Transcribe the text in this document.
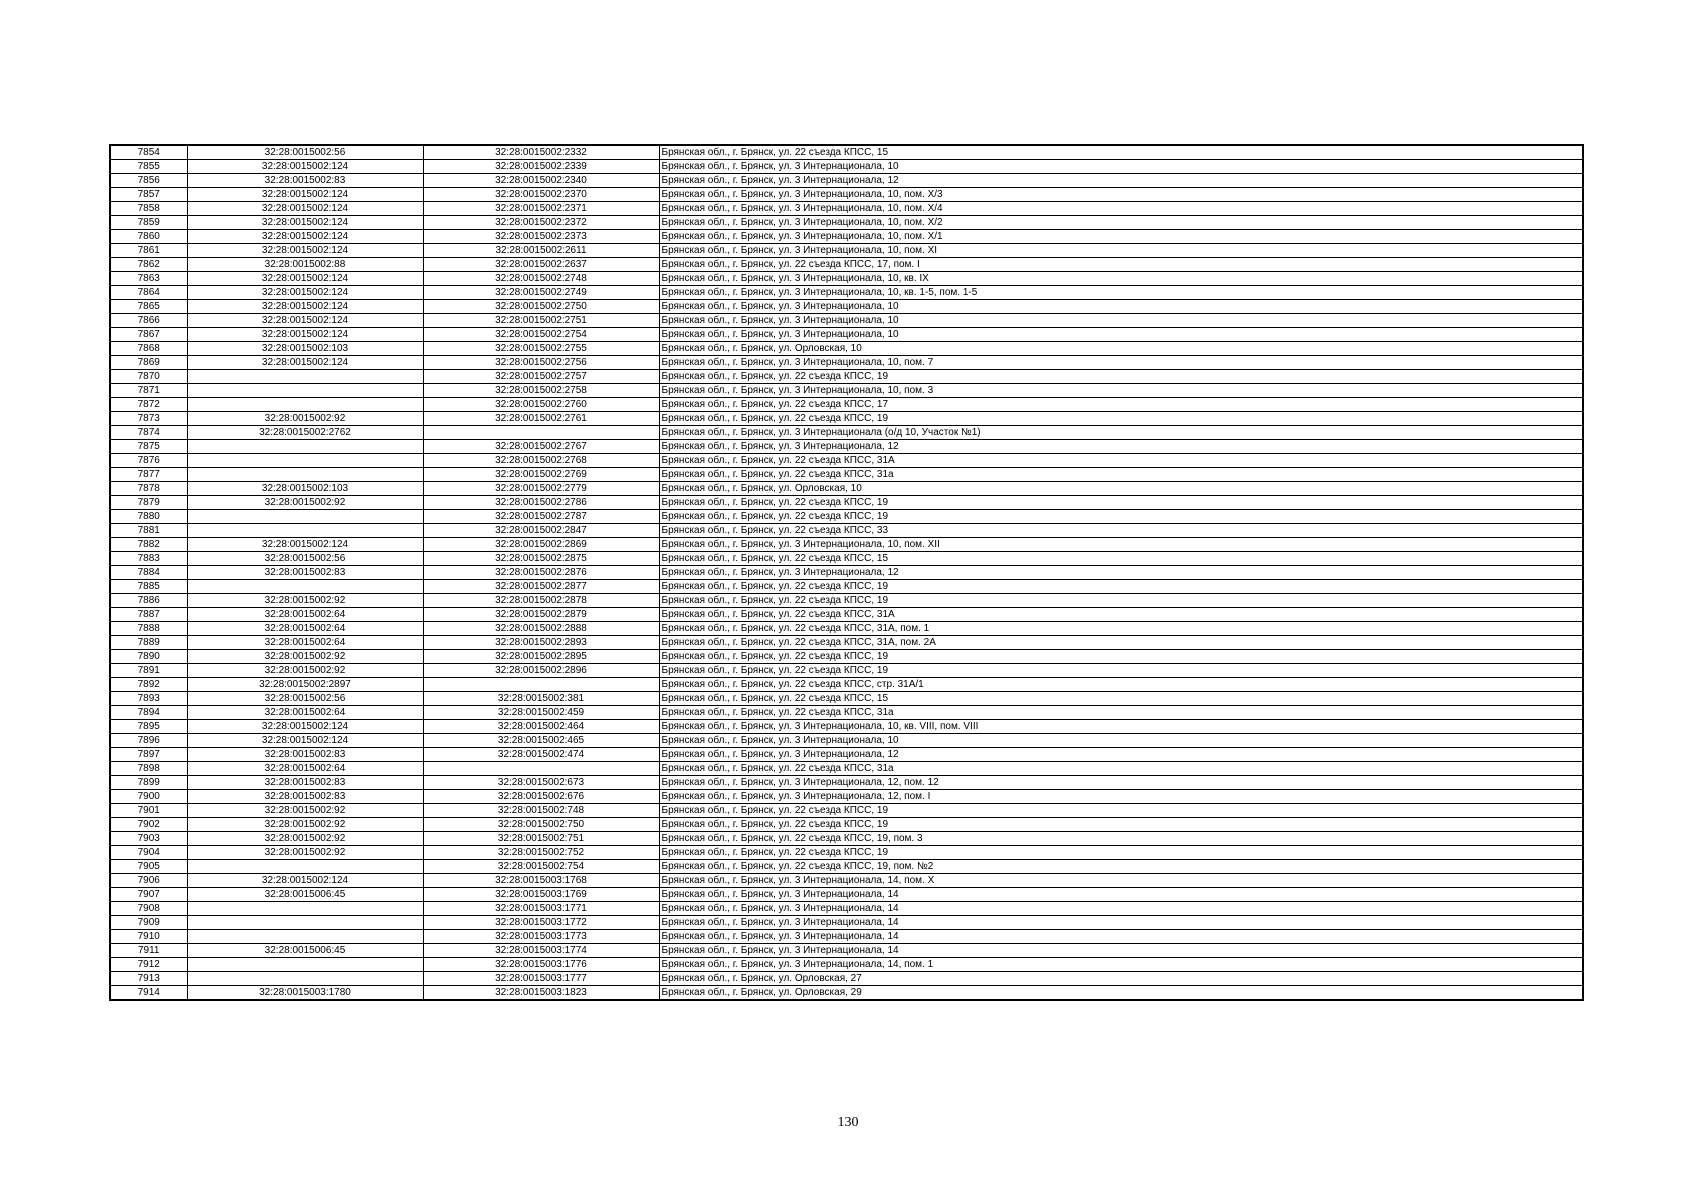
7854	32:28:0015002:56	32:28:0015002:2332	Брянская обл., г. Брянск, ул. 22 съезда КПСС, 15
7855	32:28:0015002:124	32:28:0015002:2339	Брянская обл., г. Брянск, ул. 3 Интернационала, 10
7856	32:28:0015002:83	32:28:0015002:2340	Брянская обл., г. Брянск, ул. 3 Интернационала, 12
7857	32:28:0015002:124	32:28:0015002:2370	Брянская обл., г. Брянск, ул. 3 Интернационала, 10, пом. X/3
7858	32:28:0015002:124	32:28:0015002:2371	Брянская обл., г. Брянск, ул. 3 Интернационала, 10, пом. X/4
7859	32:28:0015002:124	32:28:0015002:2372	Брянская обл., г. Брянск, ул. 3 Интернационала, 10, пом. X/2
7860	32:28:0015002:124	32:28:0015002:2373	Брянская обл., г. Брянск, ул. 3 Интернационала, 10, пом. X/1
7861	32:28:0015002:124	32:28:0015002:2611	Брянская обл., г. Брянск, ул. 3 Интернационала, 10, пом. XI
7862	32:28:0015002:88	32:28:0015002:2637	Брянская обл., г. Брянск, ул. 22 съезда КПСС, 17, пом. I
7863	32:28:0015002:124	32:28:0015002:2748	Брянская обл., г. Брянск, ул. 3 Интернационала, 10, кв. IX
7864	32:28:0015002:124	32:28:0015002:2749	Брянская обл., г. Брянск, ул. 3 Интернационала, 10, кв. 1-5, пом. 1-5
7865	32:28:0015002:124	32:28:0015002:2750	Брянская обл., г. Брянск, ул. 3 Интернационала, 10
7866	32:28:0015002:124	32:28:0015002:2751	Брянская обл., г. Брянск, ул. 3 Интернационала, 10
7867	32:28:0015002:124	32:28:0015002:2754	Брянская обл., г. Брянск, ул. 3 Интернационала, 10
7868	32:28:0015002:103	32:28:0015002:2755	Брянская обл., г. Брянск, ул. Орловская, 10
7869	32:28:0015002:124	32:28:0015002:2756	Брянская обл., г. Брянск, ул. 3 Интернационала, 10, пом. 7
7870		32:28:0015002:2757	Брянская обл., г. Брянск, ул. 22 съезда КПСС, 19
7871		32:28:0015002:2758	Брянская обл., г. Брянск, ул. 3 Интернационала, 10, пом. 3
7872		32:28:0015002:2760	Брянская обл., г. Брянск, ул. 22 съезда КПСС, 17
7873	32:28:0015002:92	32:28:0015002:2761	Брянская обл., г. Брянск, ул. 22 съезда КПСС, 19
7874	32:28:0015002:2762		Брянская обл., г. Брянск, ул. 3 Интернационала (о/д 10, Участок №1)
7875		32:28:0015002:2767	Брянская обл., г. Брянск, ул. 3 Интернационала, 12
7876		32:28:0015002:2768	Брянская обл., г. Брянск, ул. 22 съезда КПСС, 31А
7877		32:28:0015002:2769	Брянская обл., г. Брянск, ул. 22 съезда КПСС, 31а
7878	32:28:0015002:103	32:28:0015002:2779	Брянская обл., г. Брянск, ул. Орловская, 10
7879	32:28:0015002:92	32:28:0015002:2786	Брянская обл., г. Брянск, ул. 22 съезда КПСС, 19
7880		32:28:0015002:2787	Брянская обл., г. Брянск, ул. 22 съезда КПСС, 19
7881		32:28:0015002:2847	Брянская обл., г. Брянск, ул. 22 съезда КПСС, 33
7882	32:28:0015002:124	32:28:0015002:2869	Брянская обл., г. Брянск, ул. 3 Интернационала, 10, пом. XII
7883	32:28:0015002:56	32:28:0015002:2875	Брянская обл., г. Брянск, ул. 22 съезда КПСС, 15
7884	32:28:0015002:83	32:28:0015002:2876	Брянская обл., г. Брянск, ул. 3 Интернационала, 12
7885		32:28:0015002:2877	Брянская обл., г. Брянск, ул. 22 съезда КПСС, 19
7886	32:28:0015002:92	32:28:0015002:2878	Брянская обл., г. Брянск, ул. 22 съезда КПСС, 19
7887	32:28:0015002:64	32:28:0015002:2879	Брянская обл., г. Брянск, ул. 22 съезда КПСС, 31А
7888	32:28:0015002:64	32:28:0015002:2888	Брянская обл., г. Брянск, ул. 22 съезда КПСС, 31А, пом. 1
7889	32:28:0015002:64	32:28:0015002:2893	Брянская обл., г. Брянск, ул. 22 съезда КПСС, 31А, пом. 2А
7890	32:28:0015002:92	32:28:0015002:2895	Брянская обл., г. Брянск, ул. 22 съезда КПСС, 19
7891	32:28:0015002:92	32:28:0015002:2896	Брянская обл., г. Брянск, ул. 22 съезда КПСС, 19
7892	32:28:0015002:2897		Брянская обл., г. Брянск, ул. 22 съезда КПСС, стр. 31А/1
7893	32:28:0015002:56	32:28:0015002:381	Брянская обл., г. Брянск, ул. 22 съезда КПСС, 15
7894	32:28:0015002:64	32:28:0015002:459	Брянская обл., г. Брянск, ул. 22 съезда КПСС, 31а
7895	32:28:0015002:124	32:28:0015002:464	Брянская обл., г. Брянск, ул. 3 Интернационала, 10, кв. VIII, пом. VIII
7896	32:28:0015002:124	32:28:0015002:465	Брянская обл., г. Брянск, ул. 3 Интернационала, 10
7897	32:28:0015002:83	32:28:0015002:474	Брянская обл., г. Брянск, ул. 3 Интернационала, 12
7898	32:28:0015002:64		Брянская обл., г. Брянск, ул. 22 съезда КПСС, 31а
7899	32:28:0015002:83	32:28:0015002:673	Брянская обл., г. Брянск, ул. 3 Интернационала, 12, пом. 12
7900	32:28:0015002:83	32:28:0015002:676	Брянская обл., г. Брянск, ул. 3 Интернационала, 12, пом. I
7901	32:28:0015002:92	32:28:0015002:748	Брянская обл., г. Брянск, ул. 22 съезда КПСС, 19
7902	32:28:0015002:92	32:28:0015002:750	Брянская обл., г. Брянск, ул. 22 съезда КПСС, 19
7903	32:28:0015002:92	32:28:0015002:751	Брянская обл., г. Брянск, ул. 22 съезда КПСС, 19, пом. 3
7904	32:28:0015002:92	32:28:0015002:752	Брянская обл., г. Брянск, ул. 22 съезда КПСС, 19
7905		32:28:0015002:754	Брянская обл., г. Брянск, ул. 22 съезда КПСС, 19, пом. №2
7906	32:28:0015002:124	32:28:0015003:1768	Брянская обл., г. Брянск, ул. 3 Интернационала, 14, пом. X
7907	32:28:0015006:45	32:28:0015003:1769	Брянская обл., г. Брянск, ул. 3 Интернационала, 14
7908		32:28:0015003:1771	Брянская обл., г. Брянск, ул. 3 Интернационала, 14
7909		32:28:0015003:1772	Брянская обл., г. Брянск, ул. 3 Интернационала, 14
7910		32:28:0015003:1773	Брянская обл., г. Брянск, ул. 3 Интернационала, 14
7911	32:28:0015006:45	32:28:0015003:1774	Брянская обл., г. Брянск, ул. 3 Интернационала, 14
7912		32:28:0015003:1776	Брянская обл., г. Брянск, ул. 3 Интернационала, 14, пом. 1
7913		32:28:0015003:1777	Брянская обл., г. Брянск, ул. Орловская, 27
7914	32:28:0015003:1780	32:28:0015003:1823	Брянская обл., г. Брянск, ул. Орловская, 29
130
